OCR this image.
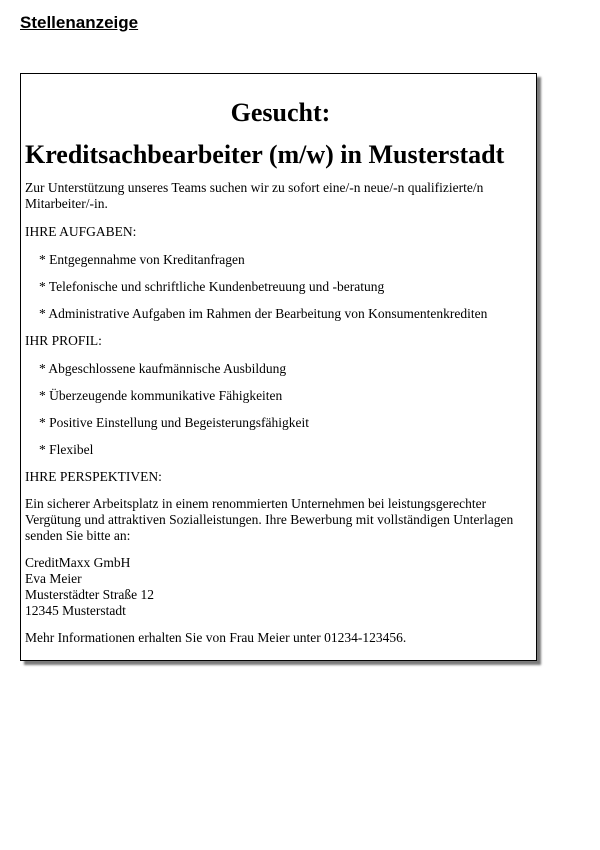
Stellenanzeige
Gesucht:
Kreditsachbearbeiter (m/w) in Musterstadt

Zur Unterstützung unseres Teams suchen wir zu sofort eine/-n neue/-n qualifizierte/n Mitarbeiter/-in.

IHRE AUFGABEN:

* Entgegennahme von Kreditanfragen
* Telefonische und schriftliche Kundenbetreuung und -beratung
* Administrative Aufgaben im Rahmen der Bearbeitung von Konsumentenkrediten

IHR PROFIL:

* Abgeschlossene kaufmännische Ausbildung
* Überzeugende kommunikative Fähigkeiten
* Positive Einstellung und Begeisterungsfähigkeit
* Flexibel

IHRE PERSPEKTIVEN:

Ein sicherer Arbeitsplatz in einem renommierten Unternehmen bei leistungsgerechter Vergütung und attraktiven Sozialleistungen. Ihre Bewerbung mit vollständigen Unterlagen senden Sie bitte an:

CreditMaxx GmbH
Eva Meier
Musterstädter Straße 12
12345 Musterstadt

Mehr Informationen erhalten Sie von Frau Meier unter 01234-123456.
